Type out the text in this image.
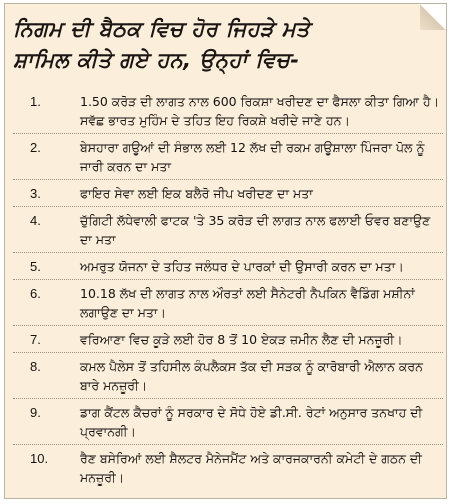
ਨਿਗਮ ਦੀ ਬੈਠਕ ਵਿਚ ਹੋਰ ਜਿਹੜੇ ਮਤੇ
ਸ਼ਾਮਿਲ ਕੀਤੇ ਗਏ ਹਨ, ਉਨ੍ਹਾਂ ਵਿਚ-
1.	1.50 ਕਰੋੜ ਦੀ ਲਾਗਤ ਨਾਲ 600 ਰਿਕਸ਼ਾ ਖਰੀਦਣ ਦਾ ਫੈਸਲਾ ਕੀਤਾ ਗਿਆ ਹੈ। ਸਵੱਛ ਭਾਰਤ ਮੁਹਿੰਮ ਦੇ ਤਹਿਤ ਇਹ ਰਿਕਸ਼ੇ ਖਰੀਦੇ ਜਾਣੇ ਹਨ।
2.	ਬੇਸਹਾਰਾ ਗਊਆਂ ਦੀ ਸੰਭਾਲ ਲਈ 12 ਲੱਖ ਦੀ ਰਕਮ ਗਊਸ਼ਾਲਾ ਪਿੰਜਰਾ ਪੋਲ ਨੂੰ ਜਾਰੀ ਕਰਨ ਦਾ ਮਤਾ
3.	ਫਾਇਰ ਸੇਵਾ ਲਈ ਇਕ ਬਲੈਰੋ ਜੀਪ ਖਰੀਦਣ ਦਾ ਮਤਾ
4.	ਚੁੱਗਿਟੀ ਲੱਧੇਵਾਲੀ ਫਾਟਕ 'ਤੇ 35 ਕਰੋੜ ਦੀ ਲਾਗਤ ਨਾਲ ਫਲਾਈ ਓਵਰ ਬਣਾਉਣ ਦਾ ਮਤਾ
5.	ਅਮਰੁਤ ਯੋਜਨਾ ਦੇ ਤਹਿਤ ਜਲੰਧਰ ਦੇ ਪਾਰਕਾਂ ਦੀ ਉਸਾਰੀ ਕਰਨ ਦਾ ਮਤਾ।
6.	10.18 ਲੱਖ ਦੀ ਲਾਗਤ ਨਾਲ ਔਰਤਾਂ ਲਈ ਸੈਨੇਟਰੀ ਨੈਪਕਿਨ ਵੈਡਿੰਗ ਮਸ਼ੀਨਾਂ ਲਗਾਉਣ ਦਾ ਮਤਾ।
7.	ਵਰਿਆਣਾ ਵਿਚ ਕੂੜੇ ਲਈ ਹੋਰ 8 ਤੋਂ 10 ਏਕੜ ਜ਼ਮੀਨ ਲੈਣ ਦੀ ਮਨਜ਼ੂਰੀ।
8.	ਕਮਲ ਪੈਲੇਸ ਤੋਂ ਤਹਿਸੀਲ ਕੰਪਲੈਕਸ ਤੱਕ ਦੀ ਸੜਕ ਨੂੰ ਕਾਰੋਬਾਰੀ ਐਲਾਨ ਕਰਨ ਬਾਰੇ ਮਨਜ਼ੂਰੀ।
9.	ਡਾਗ ਕੈਂਟਲ ਕੈਚਰਾਂ ਨੂੰ ਸਰਕਾਰ ਦੇ ਸੋਧੇ ਹੋਏ ਡੀ.ਸੀ. ਰੇਟਾਂ ਅਨੁਸਾਰ ਤਨਖਾਹ ਦੀ ਪ੍ਰਵਾਨਗੀ।
10.	ਰੈਣ ਬਸੇਰਿਆਂ ਲਈ ਸ਼ੈਲਟਰ ਮੈਨੇਜਮੈਂਟ ਅਤੇ ਕਾਰਜਕਾਰਨੀ ਕਮੇਟੀ ਦੇ ਗਠਨ ਦੀ ਮਨਜ਼ੂਰੀ।
